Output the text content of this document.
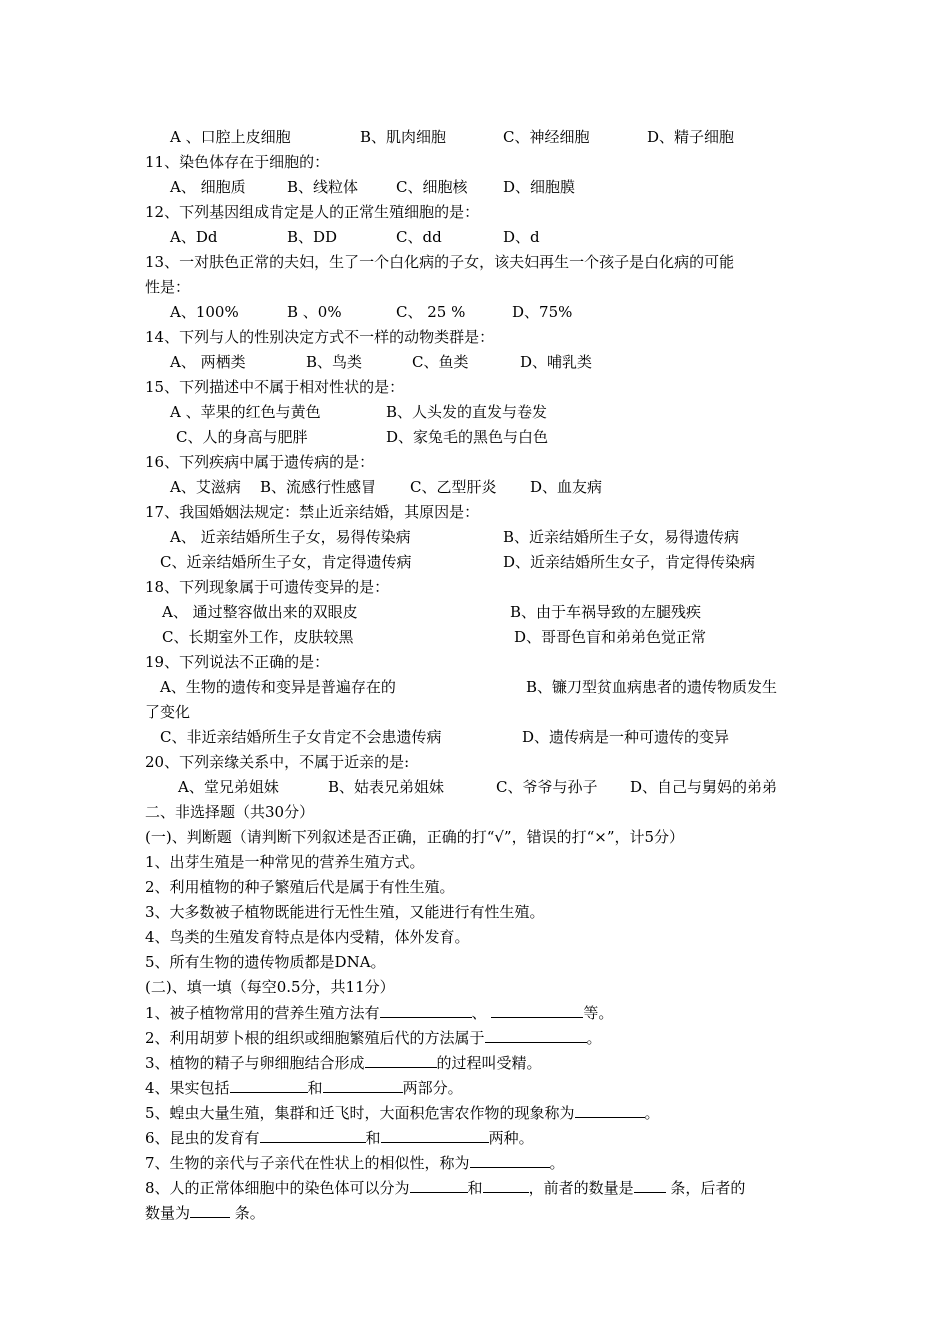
A 、口腔上皮细胞	B、肌肉细胞	C、神经细胞	D、精子细胞
11、染色体存在于细胞的：
A、 细胞质	B、线粒体	C、细胞核 D、细胞膜
12、下列基因组成肯定是人的正常生殖细胞的是：
A、Dd	B、DD	C、dd	D、d
13、一对肤色正常的夫妇，生了一个白化病的子女，该夫妇再生一个孩子是白化病的可能
性是：
A、100%	B 、0%	C、 25 %	D、75%
14、下列与人的性别决定方式不一样的动物类群是：
A、 两栖类	B、鸟类	C、鱼类	D、哺乳类
15、下列描述中不属于相对性状的是：
A 、苹果的红色与黄色	B、人头发的直发与卷发
C、人的身高与肥胖	D、家兔毛的黑色与白色
16、下列疾病中属于遗传病的是：
A、艾滋病 B、流感行性感冒 C、乙型肝炎 D、血友病
17、我国婚姻法规定：禁止近亲结婚，其原因是：
A、 近亲结婚所生子女，易得传染病	B、近亲结婚所生子女，易得遗传病
C、近亲结婚所生子女，肯定得遗传病	D、近亲结婚所生女子，肯定得传染病
18、下列现象属于可遗传变异的是：
A、 通过整容做出来的双眼皮	B、由于车祸导致的左腿残疾
C、长期室外工作，皮肤较黑	D、哥哥色盲和弟弟色觉正常
19、下列说法不正确的是：
A、生物的遗传和变异是普遍存在的	B、镰刀型贫血病患者的遗传物质发生
了变化
C、非近亲结婚所生子女肯定不会患遗传病	D、遗传病是一种可遗传的变异
20、下列亲缘关系中，不属于近亲的是:
A、堂兄弟姐妹	B、姑表兄弟姐妹	C、爷爷与孙子 D、自己与舅妈的弟弟
二、非选择题（共30分）
(一)、判断题（请判断下列叙述是否正确，正确的打“√”，错误的打“×”，计5分）
1、出芽生殖是一种常见的营养生殖方式。
2、利用植物的种子繁殖后代是属于有性生殖。
3、大多数被子植物既能进行无性生殖，又能进行有性生殖。
4、鸟类的生殖发育特点是体内受精，体外发育。
5、所有生物的遗传物质都是DNA。
(二)、填一填（每空0.5分，共11分）
1、被子植物常用的营养生殖方法有	、	等。
2、利用胡萝卜根的组织或细胞繁殖后代的方法属于	。
3、植物的精子与卵细胞结合形成	的过程叫受精。
4、果实包括	和	两部分。
5、蝗虫大量生殖，集群和迁飞时，大面积危害农作物的现象称为	。
6、昆虫的发育有	和	两种。
7、生物的亲代与子亲代在性状上的相似性，称为	。
8、人的正常体细胞中的染色体可以分为	和	，前者的数量是 条，后者的
数量为	条。
